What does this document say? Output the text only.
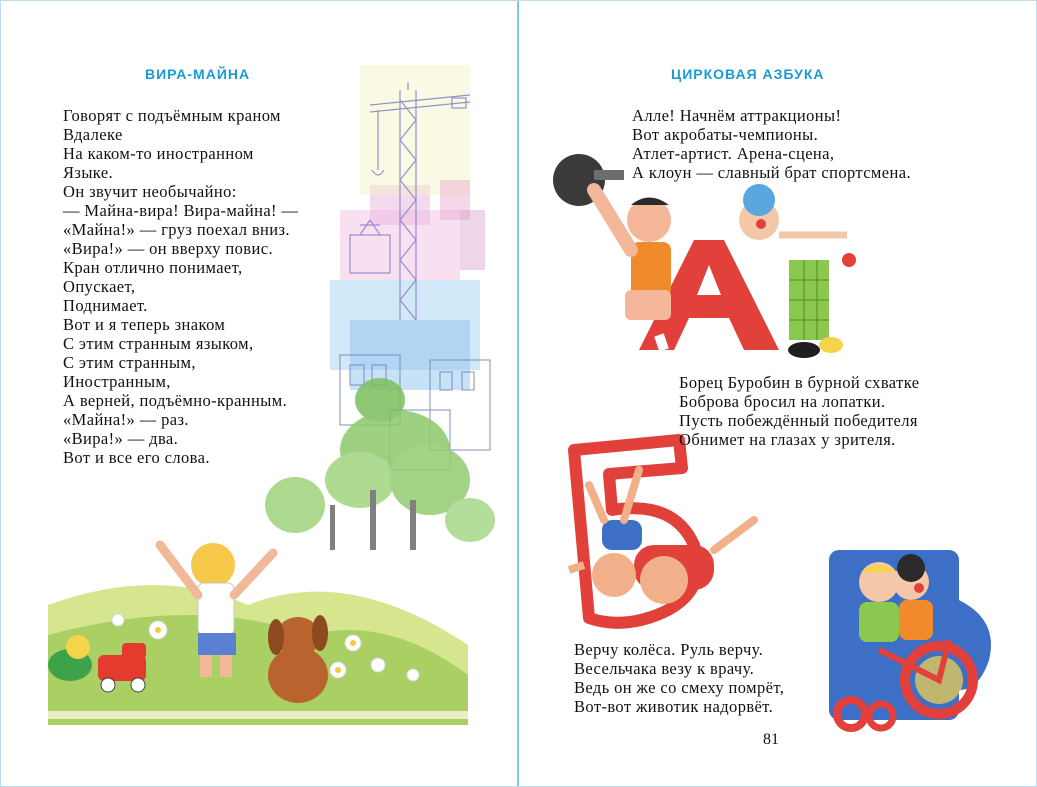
ВИРА-МАЙНА
Говорят с подъёмным краном
Вдалеке
На каком-то иностранном
Языке.
Он звучит необычайно:
— Майна-вира! Вира-майна! —
«Майна!» — груз поехал вниз.
«Вира!» — он вверху повис.
Кран отлично понимает,
Опускает,
Поднимает.
Вот и я теперь знаком
С этим странным языком,
С этим странным,
Иностранным,
А верней, подъёмно-кранным.
«Майна!» — раз.
«Вира!» — два.
Вот и все его слова.
ЦИРКОВАЯ АЗБУКА
Алле! Начнём аттракционы!
Вот акробаты-чемпионы.
Атлет-артист. Арена-сцена,
А клоун — славный брат спортсмена.
Борец Буробин в бурной схватке
Боброва бросил на лопатки.
Пусть побеждённый победителя
Обнимет на глазах у зрителя.
Верчу колёса. Руль верчу.
Весельчака везу к врачу.
Ведь он же со смеху помрёт,
Вот-вот животик надорвёт.
81
